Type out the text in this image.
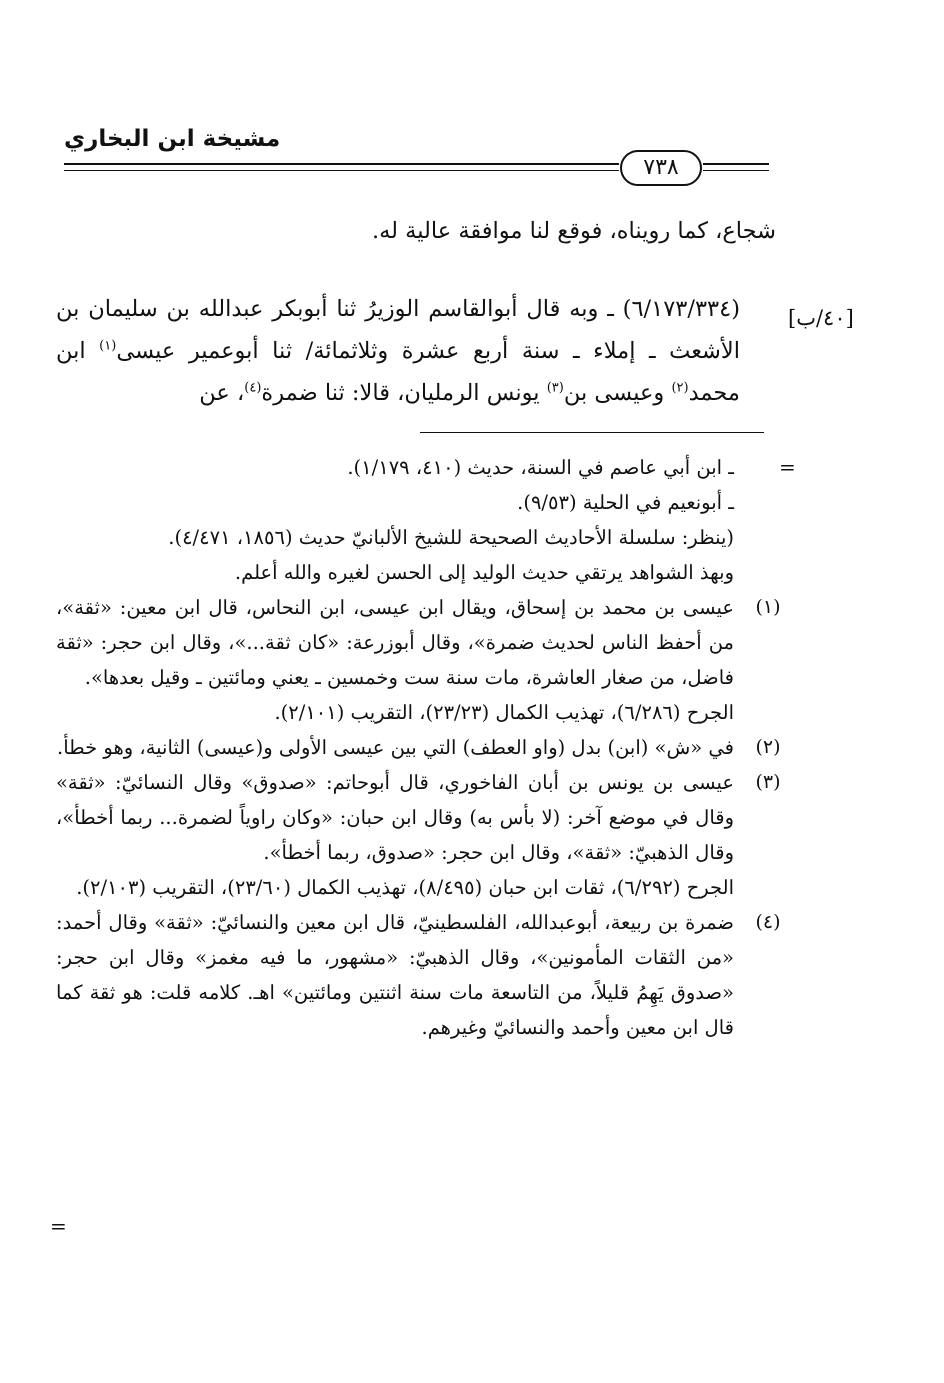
مشيخة ابن البخاري
٧٣٨

شجاع، كما رويناه، فوقع لنا موافقة عالية له.

[٤٠/ب]

(٦/١٧٣/٣٣٤) ـ وبه قال أبوالقاسم الوزيرُ ثنا أبوبكر عبدالله بن سليمان بن الأشعث ـ إملاء ـ سنة أربع عشرة وثلاثمائة/ ثنا أبوعمير عيسى$^{(١)}$ ابن محمد$^{(٢)}$ وعيسى بن$^{(٣)}$ يونس الرمليان، قالا: ثنا ضمرة$^{(٤)}$، عن

=

ـ ابن أبي عاصم في السنة، حديث (٤١٠، ١/١٧٩).

ـ أبونعيم في الحلية (٩/٥٣).

(ينظر: سلسلة الأحاديث الصحيحة للشيخ الألبانيّ حديث (١٨٥٦، ٤/٤٧١).

وبهذ الشواهد يرتقي حديث الوليد إلى الحسن لغيره والله أعلم.

(١)

عيسى بن محمد بن إسحاق، ويقال ابن عيسى، ابن النحاس، قال ابن معين: «ثقة»، من أحفظ الناس لحديث ضمرة»، وقال أبوزرعة: «كان ثقة...»، وقال ابن حجر: «ثقة فاضل، من صغار العاشرة، مات سنة ست وخمسين ـ يعني ومائتين ـ وقيل بعدها».

الجرح (٦/٢٨٦)، تهذيب الكمال (٢٣/٢٣)، التقريب (٢/١٠١).

(٢)

في «ش» (ابن) بدل (واو العطف) التي بين عيسى الأولى و(عيسى) الثانية، وهو خطأ.

(٣)

عيسى بن يونس بن أبان الفاخوري، قال أبوحاتم: «صدوق» وقال النسائيّ: «ثقة» وقال في موضع آخر: (لا بأس به) وقال ابن حبان: «وكان راوياً لضمرة... ربما أخطأ»، وقال الذهبيّ: «ثقة»، وقال ابن حجر: «صدوق، ربما أخطأ».

الجرح (٦/٢٩٢)، ثقات ابن حبان (٨/٤٩٥)، تهذيب الكمال (٢٣/٦٠)، التقريب (٢/١٠٣).

(٤)

ضمرة بن ربيعة، أبوعبدالله، الفلسطينيّ، قال ابن معين والنسائيّ: «ثقة» وقال أحمد: «من الثقات المأمونين»، وقال الذهبيّ: «مشهور، ما فيه مغمز» وقال ابن حجر: «صدوق يَهِمُ قليلاً، من التاسعة مات سنة اثنتين ومائتين» اهـ. كلامه قلت: هو ثقة كما قال ابن معين وأحمد والنسائيّ وغيرهم.

=
